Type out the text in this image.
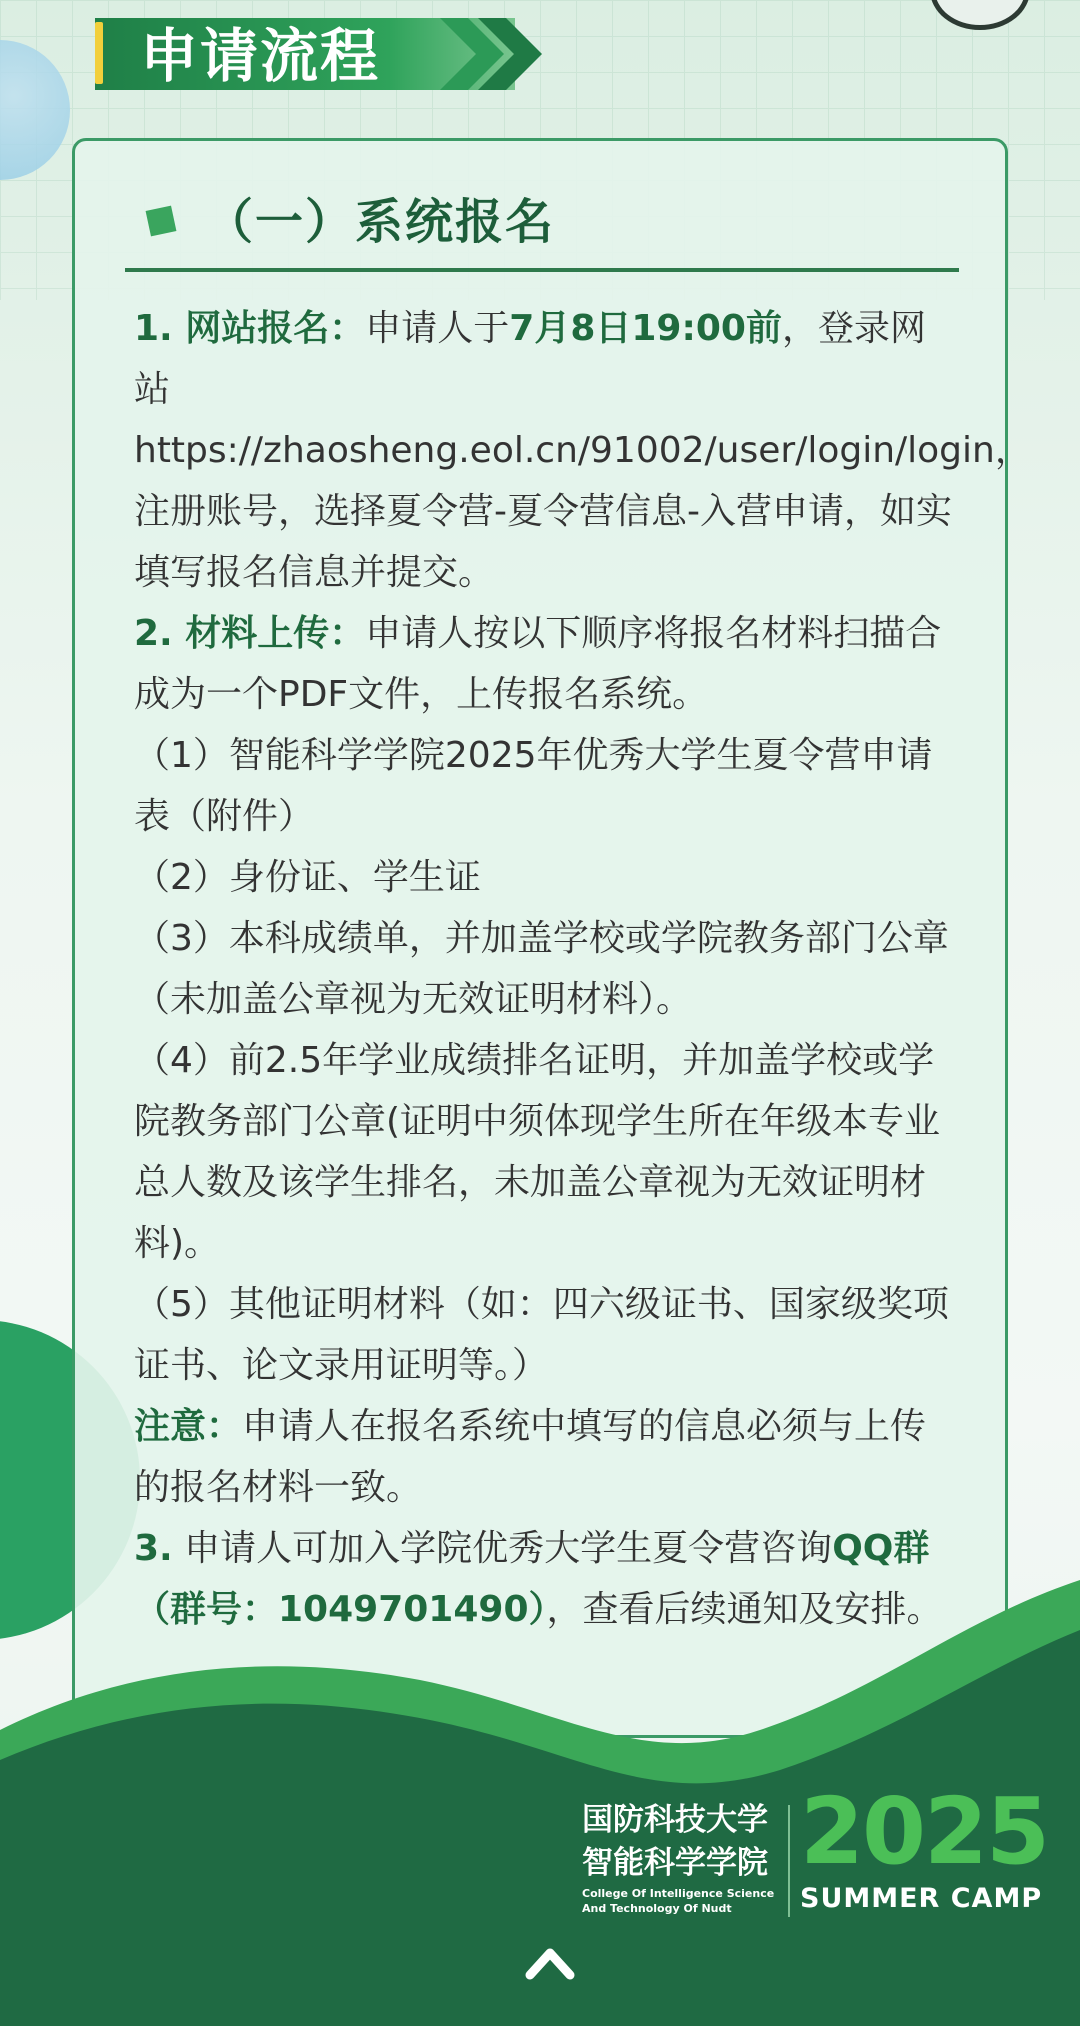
申请流程
（一）系统报名

1. 网站报名：申请人于7月8日19:00前，登录网站https://zhaosheng.eol.cn/91002/user/login/login，注册账号，选择夏令营-夏令营信息-入营申请，如实填写报名信息并提交。

2. 材料上传：申请人按以下顺序将报名材料扫描合成为一个PDF文件，上传报名系统。

（1）智能科学学院2025年优秀大学生夏令营申请表（附件）

（2）身份证、学生证

（3）本科成绩单，并加盖学校或学院教务部门公章（未加盖公章视为无效证明材料）。

（4）前2.5年学业成绩排名证明，并加盖学校或学院教务部门公章(证明中须体现学生所在年级本专业总人数及该学生排名，未加盖公章视为无效证明材料)。

（5）其他证明材料（如：四六级证书、国家级奖项证书、论文录用证明等。）

注意：申请人在报名系统中填写的信息必须与上传的报名材料一致。

3. 申请人可加入学院优秀大学生夏令营咨询QQ群（群号：1049701490），查看后续通知及安排。

国防科技大学
智能科学学院
College Of Intelligence Science
And Technology Of Nudt
2025
SUMMER CAMP
